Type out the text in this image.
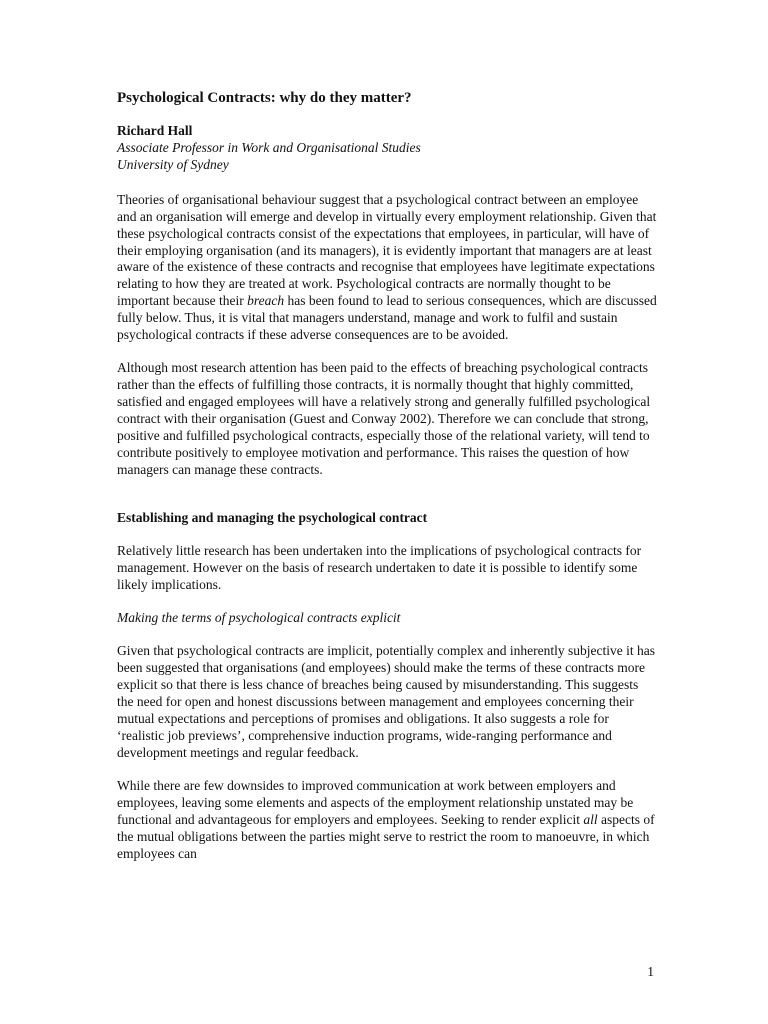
Psychological Contracts: why do they matter?
Richard Hall
Associate Professor in Work and Organisational Studies
University of Sydney

Theories of organisational behaviour suggest that a psychological contract between an employee and an organisation will emerge and develop in virtually every employment relationship. Given that these psychological contracts consist of the expectations that employees, in particular, will have of their employing organisation (and its managers), it is evidently important that managers are at least aware of the existence of these contracts and recognise that employees have legitimate expectations relating to how they are treated at work. Psychological contracts are normally thought to be important because their breach has been found to lead to serious consequences, which are discussed fully below. Thus, it is vital that managers understand, manage and work to fulfil and sustain psychological contracts if these adverse consequences are to be avoided.

Although most research attention has been paid to the effects of breaching psychological contracts rather than the effects of fulfilling those contracts, it is normally thought that highly committed, satisfied and engaged employees will have a relatively strong and generally fulfilled psychological contract with their organisation (Guest and Conway 2002). Therefore we can conclude that strong, positive and fulfilled psychological contracts, especially those of the relational variety, will tend to contribute positively to employee motivation and performance. This raises the question of how managers can manage these contracts.

Establishing and managing the psychological contract

Relatively little research has been undertaken into the implications of psychological contracts for management. However on the basis of research undertaken to date it is possible to identify some likely implications.

Making the terms of psychological contracts explicit

Given that psychological contracts are implicit, potentially complex and inherently subjective it has been suggested that organisations (and employees) should make the terms of these contracts more explicit so that there is less chance of breaches being caused by misunderstanding. This suggests the need for open and honest discussions between management and employees concerning their mutual expectations and perceptions of promises and obligations. It also suggests a role for ‘realistic job previews’, comprehensive induction programs, wide-ranging performance and development meetings and regular feedback.

While there are few downsides to improved communication at work between employers and employees, leaving some elements and aspects of the employment relationship unstated may be functional and advantageous for employers and employees. Seeking to render explicit all aspects of the mutual obligations between the parties might serve to restrict the room to manoeuvre, in which employees can

1
